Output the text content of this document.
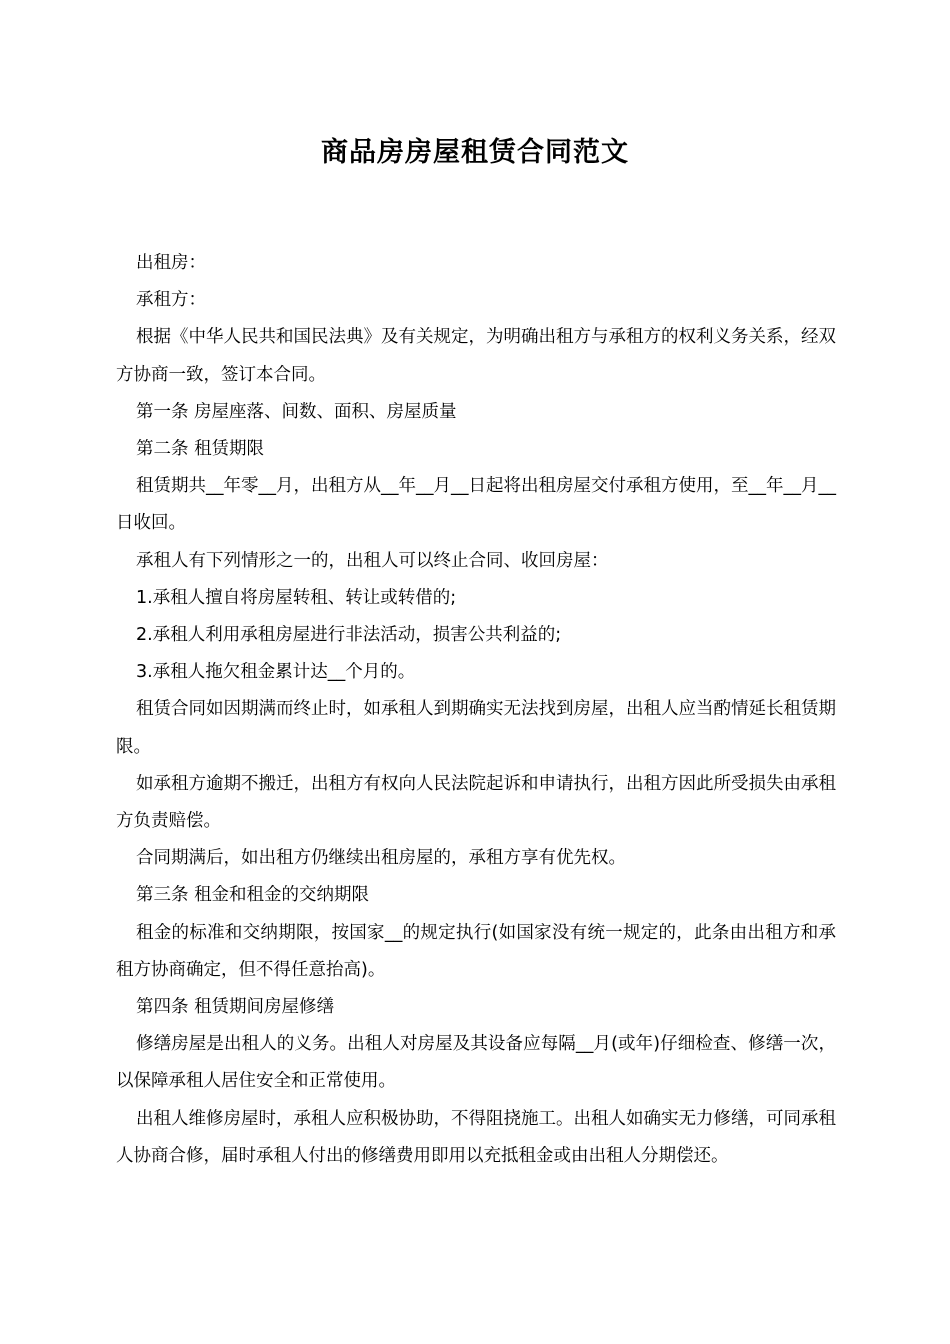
商品房房屋租赁合同范文

出租房：

承租方：

根据《中华人民共和国民法典》及有关规定，为明确出租方与承租方的权利义务关系，经双方协商一致，签订本合同。

第一条 房屋座落、间数、面积、房屋质量

第二条 租赁期限

租赁期共__年零__月，出租方从__年__月__日起将出租房屋交付承租方使用，至__年__月__日收回。

承租人有下列情形之一的，出租人可以终止合同、收回房屋：

1.承租人擅自将房屋转租、转让或转借的;

2.承租人利用承租房屋进行非法活动，损害公共利益的;

3.承租人拖欠租金累计达__个月的。

租赁合同如因期满而终止时，如承租人到期确实无法找到房屋，出租人应当酌情延长租赁期限。

如承租方逾期不搬迁，出租方有权向人民法院起诉和申请执行，出租方因此所受损失由承租方负责赔偿。

合同期满后，如出租方仍继续出租房屋的，承租方享有优先权。

第三条 租金和租金的交纳期限

租金的标准和交纳期限，按国家__的规定执行(如国家没有统一规定的，此条由出租方和承租方协商确定，但不得任意抬高)。

第四条 租赁期间房屋修缮

修缮房屋是出租人的义务。出租人对房屋及其设备应每隔__月(或年)仔细检查、修缮一次，以保障承租人居住安全和正常使用。

出租人维修房屋时，承租人应积极协助，不得阻挠施工。出租人如确实无力修缮，可同承租人协商合修，届时承租人付出的修缮费用即用以充抵租金或由出租人分期偿还。
